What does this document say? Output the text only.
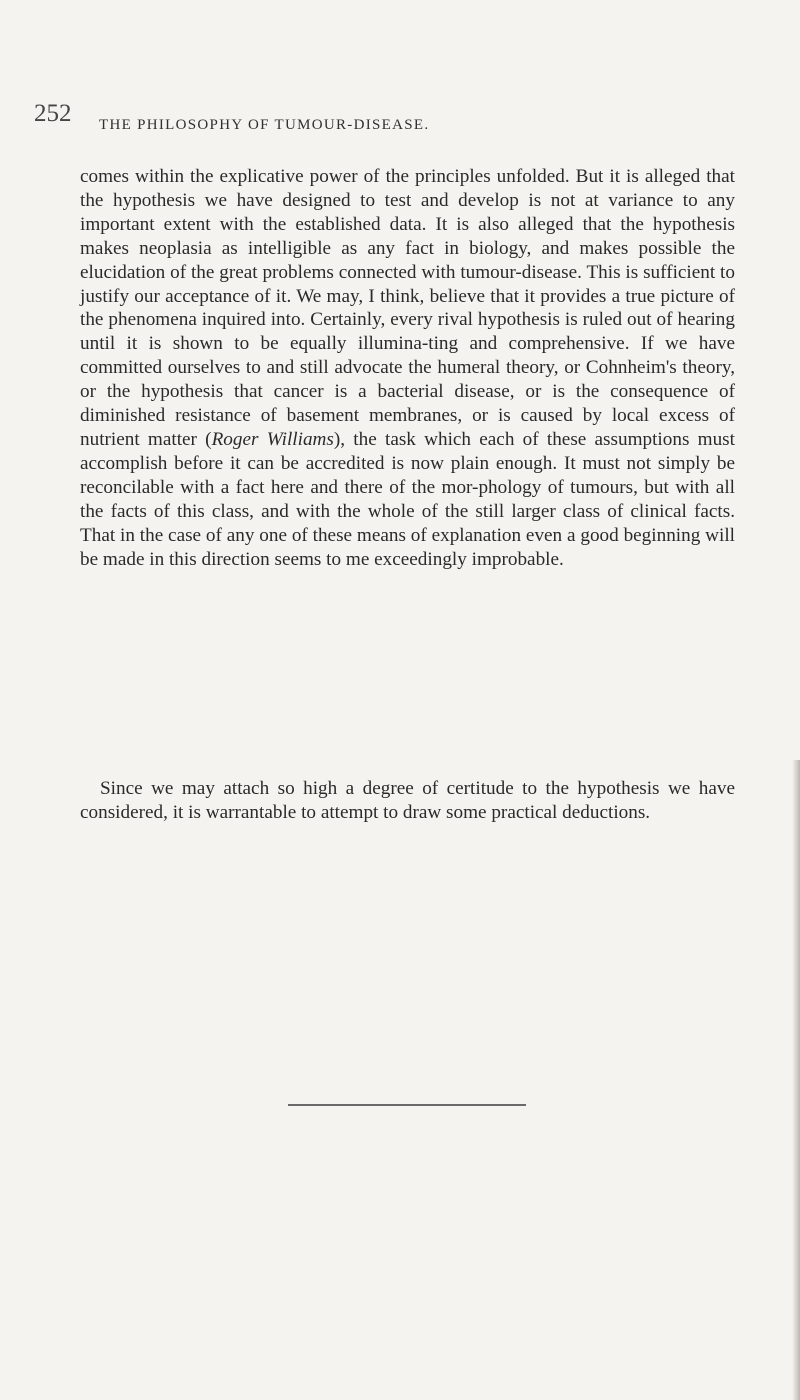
252 THE PHILOSOPHY OF TUMOUR-DISEASE.
comes within the explicative power of the principles unfolded. But it is alleged that the hypothesis we have designed to test and develop is not at variance to any important extent with the established data. It is also alleged that the hypothesis makes neoplasia as intelligible as any fact in biology, and makes possible the elucidation of the great problems connected with tumour-disease. This is sufficient to justify our acceptance of it. We may, I think, believe that it provides a true picture of the phenomena inquired into. Certainly, every rival hypothesis is ruled out of hearing until it is shown to be equally illumina-ting and comprehensive. If we have committed ourselves to and still advocate the humeral theory, or Cohnheim's theory, or the hypothesis that cancer is a bacterial disease, or is the consequence of diminished resistance of basement membranes, or is caused by local excess of nutrient matter (Roger Williams), the task which each of these assumptions must accomplish before it can be accredited is now plain enough. It must not simply be reconcilable with a fact here and there of the mor-phology of tumours, but with all the facts of this class, and with the whole of the still larger class of clinical facts. That in the case of any one of these means of explanation even a good beginning will be made in this direction seems to me exceedingly improbable.
Since we may attach so high a degree of certitude to the hypothesis we have considered, it is warrantable to attempt to draw some practical deductions.
